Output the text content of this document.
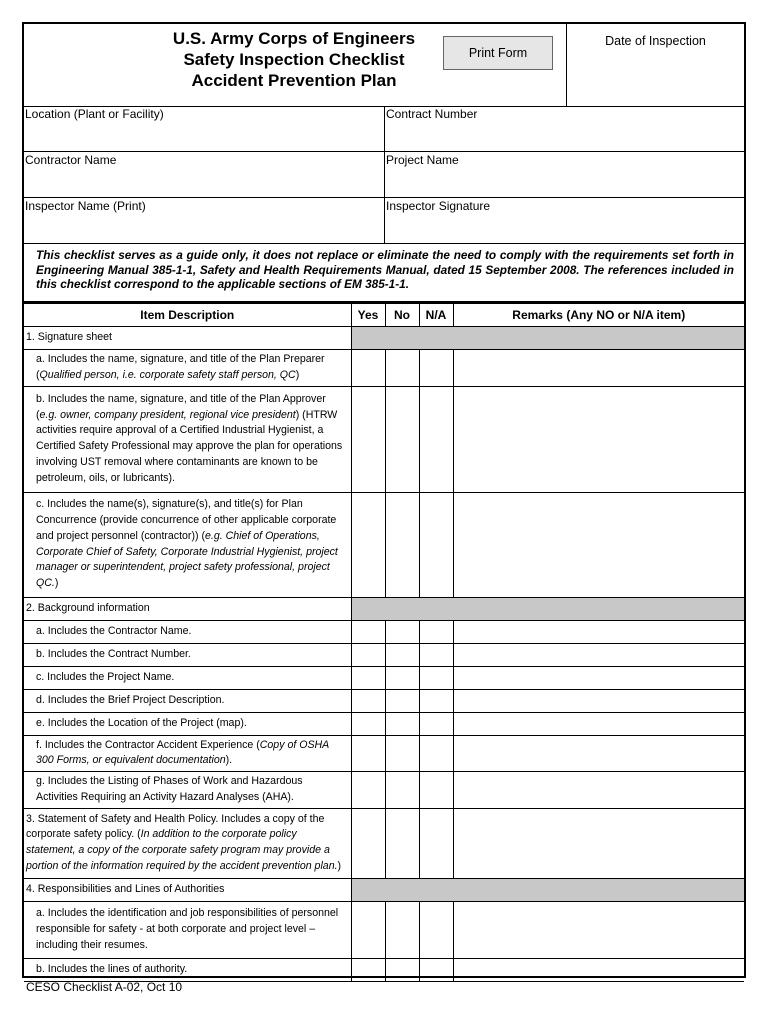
U.S. Army Corps of Engineers
Safety Inspection Checklist
Accident Prevention Plan
Print Form
Date of Inspection
Location (Plant or Facility)	Contract Number
Contractor Name	Project Name
Inspector Name (Print)	Inspector Signature
This checklist serves as a guide only, it does not replace or eliminate the need to comply with the requirements set forth in Engineering Manual 385-1-1, Safety and Health Requirements Manual, dated 15 September 2008. The references included in this checklist correspond to the applicable sections of EM 385-1-1.
Item Description	Yes	No	N/A	Remarks (Any NO or N/A item)
1. Signature sheet				
a. Includes the name, signature, and title of the Plan Preparer (Qualified person, i.e. corporate safety staff person, QC)				
b. Includes the name, signature, and title of the Plan Approver (e.g. owner, company president, regional vice president) (HTRW activities require approval of a Certified Industrial Hygienist, a Certified Safety Professional may approve the plan for operations involving UST removal where contaminants are known to be petroleum, oils, or lubricants).				
c. Includes the name(s), signature(s), and title(s) for Plan Concurrence (provide concurrence of other applicable corporate and project personnel (contractor)) (e.g. Chief of Operations, Corporate Chief of Safety, Corporate Industrial Hygienist, project manager or superintendent, project safety professional, project QC.)				
2. Background information				
a. Includes the Contractor Name.				
b. Includes the Contract Number.				
c. Includes the Project Name.				
d. Includes the Brief Project Description.				
e. Includes the Location of the Project (map).				
f. Includes the Contractor Accident Experience (Copy of OSHA 300 Forms, or equivalent documentation).				
g. Includes the Listing of Phases of Work and Hazardous Activities Requiring an Activity Hazard Analyses (AHA).				
3. Statement of Safety and Health Policy. Includes a copy of the corporate safety policy. (In addition to the corporate policy statement, a copy of the corporate safety program may provide a portion of the information required by the accident prevention plan.)				
4. Responsibilities and Lines of Authorities				
a. Includes the identification and job responsibilities of personnel responsible for safety - at both corporate and project level – including their resumes.				
b. Includes the lines of authority.				
CESO Checklist A-02, Oct 10
